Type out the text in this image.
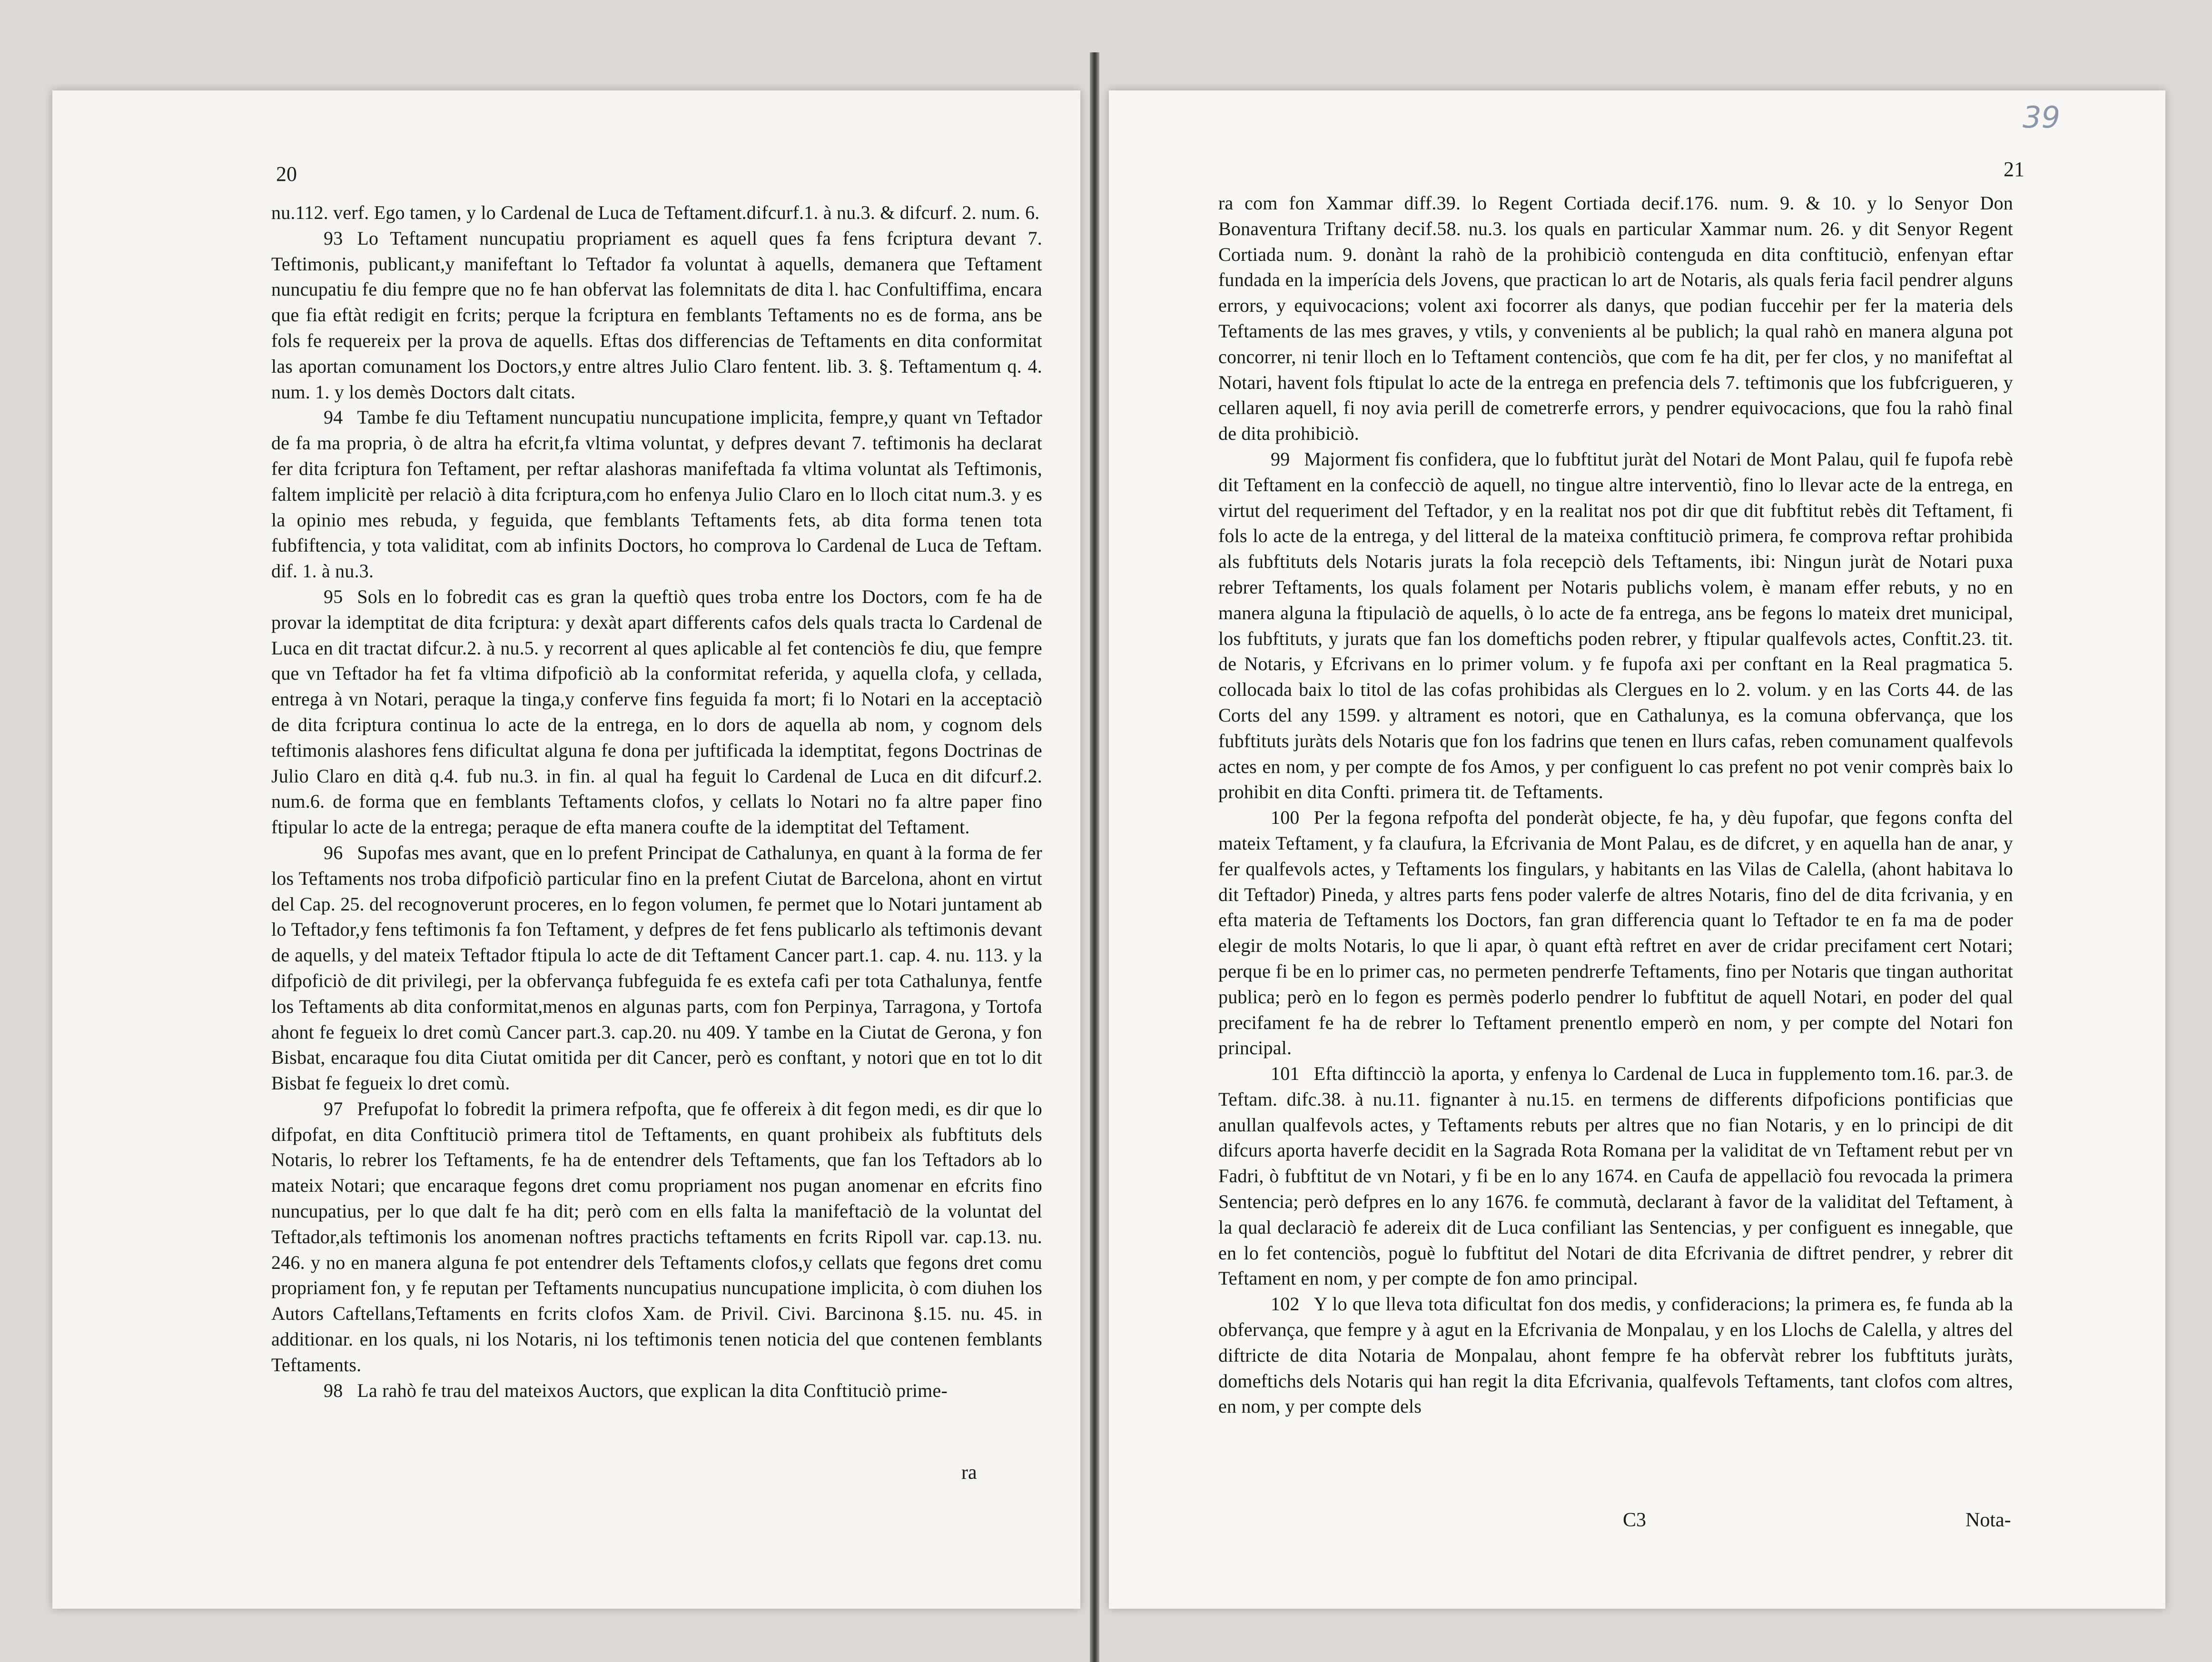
20

nu.112. verf. Ego tamen, y lo Cardenal de Luca de Teftament.difcurf.1. à nu.3. & difcurf. 2. num. 6.

93 Lo Teftament nuncupatiu propriament es aquell ques fa fens fcriptura devant 7. Teftimonis, publicant,y manifeftant lo Teftador fa voluntat à aquells, demanera que Teftament nuncupatiu fe diu fempre que no fe han obfervat las folemnitats de dita l. hac Confultiffima, encara que fia eftàt redigit en fcrits; perque la fcriptura en femblants Teftaments no es de forma, ans be fols fe requereix per la prova de aquells. Eftas dos differencias de Teftaments en dita conformitat las aportan comunament los Doctors,y entre altres Julio Claro fentent. lib. 3. §. Teftamentum q. 4. num. 1. y los demès Doctors dalt citats.

94 Tambe fe diu Teftament nuncupatiu nuncupatione implicita, fempre,y quant vn Teftador de fa ma propria, ò de altra ha efcrit,fa vltima voluntat, y defpres devant 7. teftimonis ha declarat fer dita fcriptura fon Teftament, per reftar alashoras manifeftada fa vltima voluntat als Teftimonis, faltem implicitè per relaciò à dita fcriptura,com ho enfenya Julio Claro en lo lloch citat num.3. y es la opinio mes rebuda, y feguida, que femblants Teftaments fets, ab dita forma tenen tota fubfiftencia, y tota validitat, com ab infinits Doctors, ho comprova lo Cardenal de Luca de Teftam. dif. 1. à nu.3.

95 Sols en lo fobredit cas es gran la queftiò ques troba entre los Doctors, com fe ha de provar la idemptitat de dita fcriptura: y dexàt apart differents cafos dels quals tracta lo Cardenal de Luca en dit tractat difcur.2. à nu.5. y recorrent al ques aplicable al fet contenciòs fe diu, que fempre que vn Teftador ha fet fa vltima difpoficiò ab la conformitat referida, y aquella clofa, y cellada, entrega à vn Notari, peraque la tinga,y conferve fins feguida fa mort; fi lo Notari en la acceptaciò de dita fcriptura continua lo acte de la entrega, en lo dors de aquella ab nom, y cognom dels teftimonis alashores fens dificultat alguna fe dona per juftificada la idemptitat, fegons Doctrinas de Julio Claro en dità q.4. fub nu.3. in fin. al qual ha feguit lo Cardenal de Luca en dit difcurf.2. num.6. de forma que en femblants Teftaments clofos, y cellats lo Notari no fa altre paper fino ftipular lo acte de la entrega; peraque de efta manera coufte de la idemptitat del Teftament.

96 Supofas mes avant, que en lo prefent Principat de Cathalunya, en quant à la forma de fer los Teftaments nos troba difpoficiò particular fino en la prefent Ciutat de Barcelona, ahont en virtut del Cap. 25. del recognoverunt proceres, en lo fegon volumen, fe permet que lo Notari juntament ab lo Teftador,y fens teftimonis fa fon Teftament, y defpres de fet fens publicarlo als teftimonis devant de aquells, y del mateix Teftador ftipula lo acte de dit Teftament Cancer part.1. cap. 4. nu. 113. y la difpoficiò de dit privilegi, per la obfervança fubfeguida fe es extefa cafi per tota Cathalunya, fentfe los Teftaments ab dita conformitat,menos en algunas parts, com fon Perpinya, Tarragona, y Tortofa ahont fe fegueix lo dret comù Cancer part.3. cap.20. nu 409. Y tambe en la Ciutat de Gerona, y fon Bisbat, encaraque fou dita Ciutat omitida per dit Cancer, però es conftant, y notori que en tot lo dit Bisbat fe fegueix lo dret comù.

97 Prefupofat lo fobredit la primera refpofta, que fe offereix à dit fegon medi, es dir que lo difpofat, en dita Conftituciò primera titol de Teftaments, en quant prohibeix als fubftituts dels Notaris, lo rebrer los Teftaments, fe ha de entendrer dels Teftaments, que fan los Teftadors ab lo mateix Notari; que encaraque fegons dret comu propriament nos pugan anomenar en efcrits fino nuncupatius, per lo que dalt fe ha dit; però com en ells falta la manifeftaciò de la voluntat del Teftador,als teftimonis los anomenan noftres practichs teftaments en fcrits Ripoll var. cap.13. nu. 246. y no en manera alguna fe pot entendrer dels Teftaments clofos,y cellats que fegons dret comu propriament fon, y fe reputan per Teftaments nuncupatius nuncupatione implicita, ò com diuhen los Autors Caftellans,Teftaments en fcrits clofos Xam. de Privil. Civi. Barcinona §.15. nu. 45. in additionar. en los quals, ni los Notaris, ni los teftimonis tenen noticia del que contenen femblants Teftaments.

98 La rahò fe trau del mateixos Auctors, que explican la dita Conftituciò prime-

ra
39
21

ra com fon Xammar diff.39. lo Regent Cortiada decif.176. num. 9. & 10. y lo Senyor Don Bonaventura Triftany decif.58. nu.3. los quals en particular Xammar num. 26. y dit Senyor Regent Cortiada num. 9. donànt la rahò de la prohibiciò contenguda en dita conftituciò, enfenyan eftar fundada en la imperícia dels Jovens, que practican lo art de Notaris, als quals feria facil pendrer alguns errors, y equivocacions; volent axi focorrer als danys, que podian fuccehir per fer la materia dels Teftaments de las mes graves, y vtils, y convenients al be publich; la qual rahò en manera alguna pot concorrer, ni tenir lloch en lo Teftament contenciòs, que com fe ha dit, per fer clos, y no manifeftat al Notari, havent fols ftipulat lo acte de la entrega en prefencia dels 7. teftimonis que los fubfcrigueren, y cellaren aquell, fi noy avia perill de cometrerfe errors, y pendrer equivocacions, que fou la rahò final de dita prohibiciò.

99 Majorment fis confidera, que lo fubftitut juràt del Notari de Mont Palau, quil fe fupofa rebè dit Teftament en la confecciò de aquell, no tingue altre interventiò, fino lo llevar acte de la entrega, en virtut del requeriment del Teftador, y en la realitat nos pot dir que dit fubftitut rebès dit Teftament, fi fols lo acte de la entrega, y del litteral de la mateixa conftituciò primera, fe comprova reftar prohibida als fubftituts dels Notaris jurats la fola recepciò dels Teftaments, ibi: Ningun juràt de Notari puxa rebrer Teftaments, los quals folament per Notaris publichs volem, è manam effer rebuts, y no en manera alguna la ftipulaciò de aquells, ò lo acte de fa entrega, ans be fegons lo mateix dret municipal, los fubftituts, y jurats que fan los domeftichs poden rebrer, y ftipular qualfevols actes, Conftit.23. tit. de Notaris, y Efcrivans en lo primer volum. y fe fupofa axi per conftant en la Real pragmatica 5. collocada baix lo titol de las cofas prohibidas als Clergues en lo 2. volum. y en las Corts 44. de las Corts del any 1599. y altrament es notori, que en Cathalunya, es la comuna obfervança, que los fubftituts juràts dels Notaris que fon los fadrins que tenen en llurs cafas, reben comunament qualfevols actes en nom, y per compte de fos Amos, y per configuent lo cas prefent no pot venir comprès baix lo prohibit en dita Confti. primera tit. de Teftaments.

100 Per la fegona refpofta del ponderàt objecte, fe ha, y dèu fupofar, que fegons confta del mateix Teftament, y fa claufura, la Efcrivania de Mont Palau, es de difcret, y en aquella han de anar, y fer qualfevols actes, y Teftaments los fingulars, y habitants en las Vilas de Calella, (ahont habitava lo dit Teftador) Pineda, y altres parts fens poder valerfe de altres Notaris, fino del de dita fcrivania, y en efta materia de Teftaments los Doctors, fan gran differencia quant lo Teftador te en fa ma de poder elegir de molts Notaris, lo que li apar, ò quant eftà reftret en aver de cridar precifament cert Notari; perque fi be en lo primer cas, no permeten pendrerfe Teftaments, fino per Notaris que tingan authoritat publica; però en lo fegon es permès poderlo pendrer lo fubftitut de aquell Notari, en poder del qual precifament fe ha de rebrer lo Teftament prenentlo emperò en nom, y per compte del Notari fon principal.

101 Efta diftincciò la aporta, y enfenya lo Cardenal de Luca in fupplemento tom.16. par.3. de Teftam. difc.38. à nu.11. fignanter à nu.15. en termens de differents difpoficions pontificias que anullan qualfevols actes, y Teftaments rebuts per altres que no fian Notaris, y en lo principi de dit difcurs aporta haverfe decidit en la Sagrada Rota Romana per la validitat de vn Teftament rebut per vn Fadri, ò fubftitut de vn Notari, y fi be en lo any 1674. en Caufa de appellaciò fou revocada la primera Sentencia; però defpres en lo any 1676. fe commutà, declarant à favor de la validitat del Teftament, à la qual declaraciò fe adereix dit de Luca confiliant las Sentencias, y per configuent es innegable, que en lo fet contenciòs, poguè lo fubftitut del Notari de dita Efcrivania de diftret pendrer, y rebrer dit Teftament en nom, y per compte de fon amo principal.

102 Y lo que lleva tota dificultat fon dos medis, y confideracions; la primera es, fe funda ab la obfervança, que fempre y à agut en la Efcrivania de Monpalau, y en los Llochs de Calella, y altres del diftricte de dita Notaria de Monpalau, ahont fempre fe ha obfervàt rebrer los fubftituts juràts, domeftichs dels Notaris qui han regit la dita Efcrivania, qualfevols Teftaments, tant clofos com altres, en nom, y per compte dels

C3	Nota-
